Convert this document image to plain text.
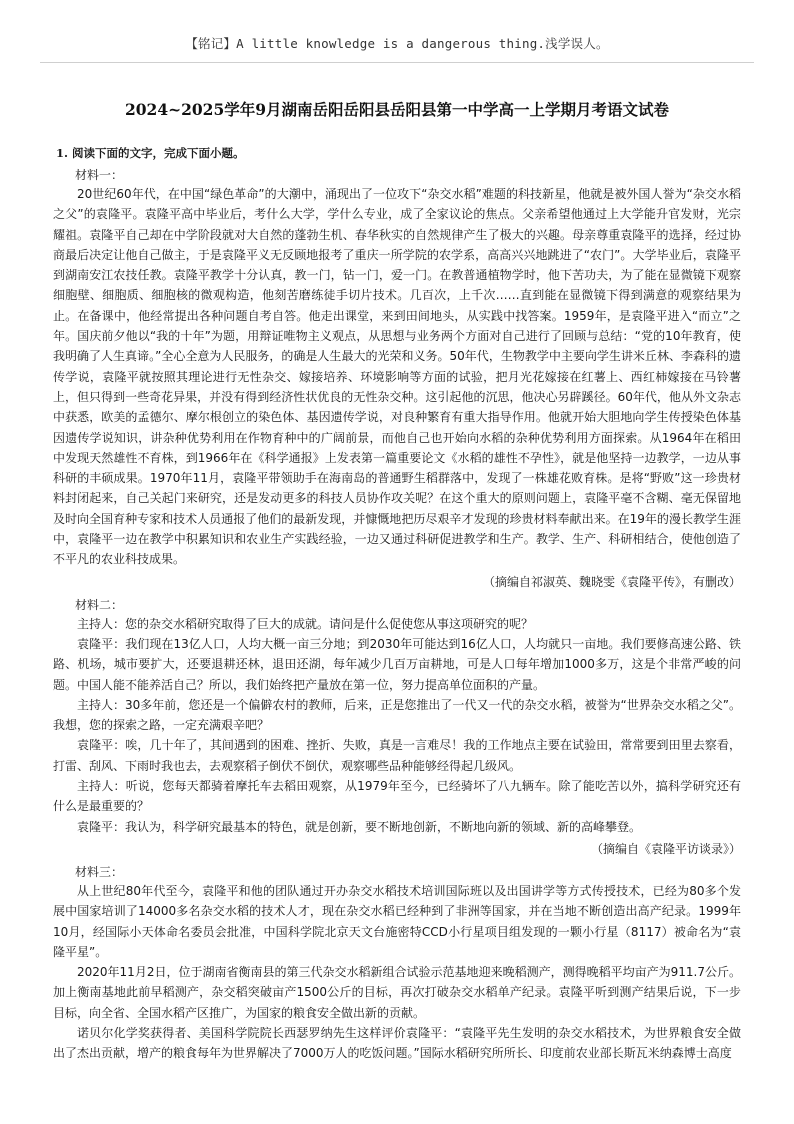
【铭记】A little knowledge is a dangerous thing.浅学误人。
2024~2025学年9月湖南岳阳岳阳县岳阳县第一中学高一上学期月考语文试卷

1. 阅读下面的文字，完成下面小题。

材料一：

20世纪60年代，在中国“绿色革命”的大潮中，涌现出了一位攻下“杂交水稻”难题的科技新星，他就是被外国人誉为“杂交水稻之父”的袁隆平。袁隆平高中毕业后，考什么大学，学什么专业，成了全家议论的焦点。父亲希望他通过上大学能升官发财，光宗耀祖。袁隆平自己却在中学阶段就对大自然的蓬勃生机、春华秋实的自然规律产生了极大的兴趣。母亲尊重袁隆平的选择，经过协商最后决定让他自己做主，于是袁隆平义无反顾地报考了重庆一所学院的农学系，高高兴兴地跳进了“农门”。大学毕业后，袁隆平到湖南安江农技任教。袁隆平教学十分认真，教一门，钻一门，爱一门。在教普通植物学时，他下苦功夫，为了能在显微镜下观察细胞壁、细胞质、细胞核的微观构造，他刻苦磨练徒手切片技术。几百次，上千次……直到能在显微镜下得到满意的观察结果为止。在备课中，他经常提出各种问题自考自答。他走出课堂，来到田间地头，从实践中找答案。1959年，是袁隆平进入“而立”之年。国庆前夕他以“我的十年”为题，用辩证唯物主义观点，从思想与业务两个方面对自己进行了回顾与总结：“党的10年教育，使我明确了人生真谛。”全心全意为人民服务，的确是人生最大的光荣和义务。50年代，生物教学中主要向学生讲米丘林、李森科的遗传学说，袁隆平就按照其理论进行无性杂交、嫁接培养、环境影响等方面的试验，把月光花嫁接在红薯上、西红柿嫁接在马铃薯上，但只得到一些奇花异果，并没有得到经济性状优良的无性杂交种。这引起他的沉思，他决心另辟蹊径。60年代，他从外文杂志中获悉，欧美的孟德尔、摩尔根创立的染色体、基因遗传学说，对良种繁育有重大指导作用。他就开始大胆地向学生传授染色体基因遗传学说知识，讲杂种优势利用在作物育种中的广阔前景，而他自己也开始向水稻的杂种优势利用方面探索。从1964年在稻田中发现天然雄性不育株，到1966年在《科学通报》上发表第一篇重要论文《水稻的雄性不孕性》，就是他坚持一边教学，一边从事科研的丰硕成果。1970年11月，袁隆平带领助手在海南岛的普通野生稻群落中，发现了一株雄花败育株。是将“野败”这一珍贵材料封闭起来，自己关起门来研究，还是发动更多的科技人员协作攻关呢？在这个重大的原则问题上，袁隆平毫不含糊、毫无保留地及时向全国育种专家和技术人员通报了他们的最新发现，并慷慨地把历尽艰辛才发现的珍贵材料奉献出来。在19年的漫长教学生涯中，袁隆平一边在教学中积累知识和农业生产实践经验，一边又通过科研促进教学和生产。教学、生产、科研相结合，使他创造了不平凡的农业科技成果。

（摘编自祁淑英、魏晓雯《袁隆平传》，有删改）

材料二：

主持人：您的杂交水稻研究取得了巨大的成就。请问是什么促使您从事这项研究的呢？

袁隆平：我们现在13亿人口，人均大概一亩三分地；到2030年可能达到16亿人口，人均就只一亩地。我们要修高速公路、铁路、机场，城市要扩大，还要退耕还林，退田还湖，每年减少几百万亩耕地，可是人口每年增加1000多万，这是个非常严峻的问题。中国人能不能养活自己？所以，我们始终把产量放在第一位，努力提高单位面积的产量。

主持人：30多年前，您还是一个偏僻农村的教师，后来，正是您推出了一代又一代的杂交水稻，被誉为“世界杂交水稻之父”。我想，您的探索之路，一定充满艰辛吧？

袁隆平：唉，几十年了，其间遇到的困难、挫折、失败，真是一言难尽！我的工作地点主要在试验田，常常要到田里去察看，打雷、刮风、下雨时我也去，去观察稻子倒伏不倒伏，观察哪些品种能够经得起几级风。

主持人：听说，您每天都骑着摩托车去稻田观察，从1979年至今，已经骑坏了八九辆车。除了能吃苦以外，搞科学研究还有什么是最重要的？

袁隆平：我认为，科学研究最基本的特色，就是创新，要不断地创新，不断地向新的领域、新的高峰攀登。

（摘编自《袁隆平访谈录》）

材料三：

从上世纪80年代至今，袁隆平和他的团队通过开办杂交水稻技术培训国际班以及出国讲学等方式传授技术，已经为80多个发展中国家培训了14000多名杂交水稻的技术人才，现在杂交水稻已经种到了非洲等国家，并在当地不断创造出高产纪录。1999年10月，经国际小天体命名委员会批准，中国科学院北京天文台施密特CCD小行星项目组发现的一颗小行星（8117）被命名为“袁隆平星”。

2020年11月2日，位于湖南省衡南县的第三代杂交水稻新组合试验示范基地迎来晚稻测产，测得晚稻平均亩产为911.7公斤。加上衡南基地此前早稻测产，杂交稻突破亩产1500公斤的目标，再次打破杂交水稻单产纪录。袁隆平听到测产结果后说，下一步目标，向全省、全国水稻产区推广，为国家的粮食安全做出新的贡献。

诺贝尔化学奖获得者、美国科学院院长西瑟罗纳先生这样评价袁隆平：“袁隆平先生发明的杂交水稻技术，为世界粮食安全做出了杰出贡献，增产的粮食每年为世界解决了7000万人的吃饭问题。”国际水稻研究所所长、印度前农业部长斯瓦米纳森博士高度
